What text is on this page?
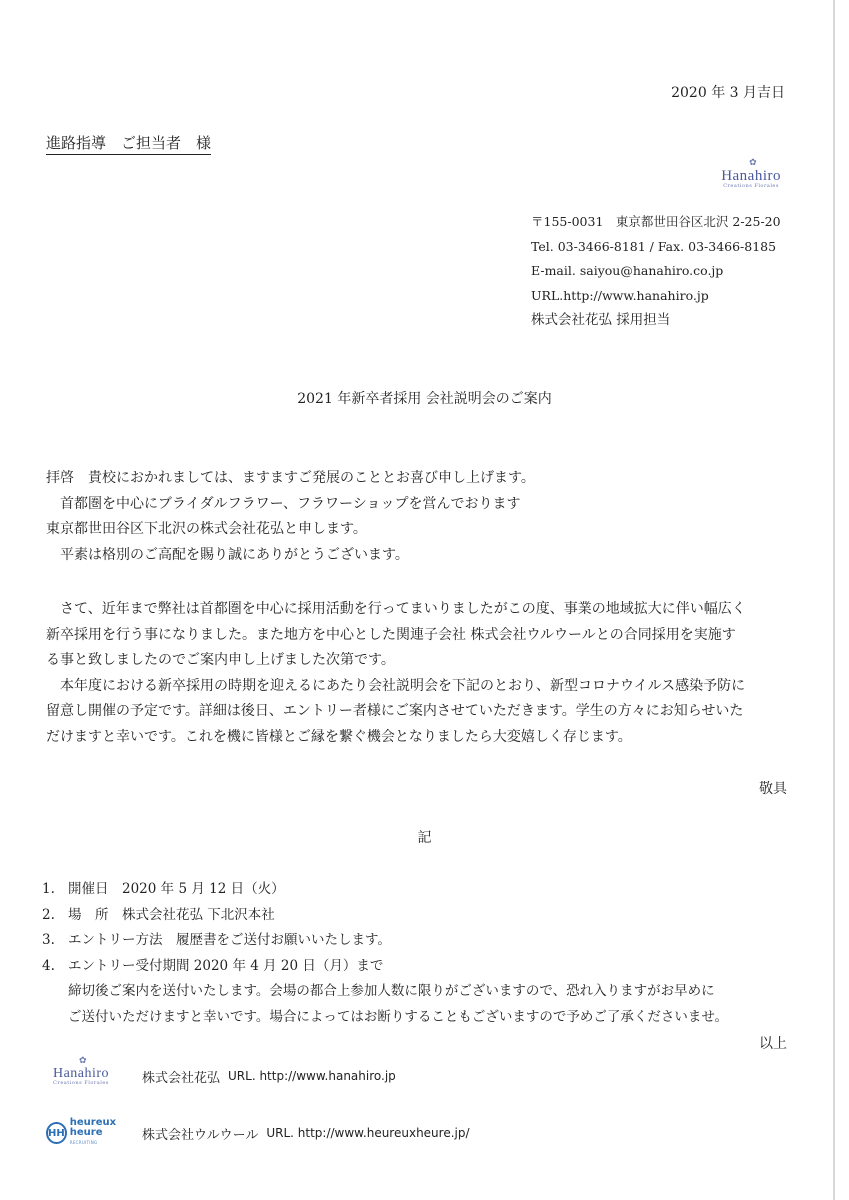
2020 年 3 月吉日
進路指導　ご担当者　様
✿
Hanahiro
Creations Florales
〒155-0031　東京都世田谷区北沢 2-25-20
Tel. 03-3466-8181 / Fax. 03-3466-8185
E-mail. saiyou@hanahiro.co.jp
URL.http://www.hanahiro.jp
株式会社花弘 採用担当
2021 年新卒者採用 会社説明会のご案内
拝啓　貴校におかれましては、ますますご発展のこととお喜び申し上げます。
　首都圏を中心にブライダルフラワー、フラワーショップを営んでおります
東京都世田谷区下北沢の株式会社花弘と申します。
　平素は格別のご高配を賜り誠にありがとうございます。
　さて、近年まで弊社は首都圏を中心に採用活動を行ってまいりましたがこの度、事業の地域拡大に伴い幅広く
新卒採用を行う事になりました。また地方を中心とした関連子会社 株式会社ウルウールとの合同採用を実施す
る事と致しましたのでご案内申し上げました次第です。
　本年度における新卒採用の時期を迎えるにあたり会社説明会を下記のとおり、新型コロナウイルス感染予防に
留意し開催の予定です。詳細は後日、エントリー者様にご案内させていただきます。学生の方々にお知らせいた
だけますと幸いです。これを機に皆様とご縁を繋ぐ機会となりましたら大変嬉しく存じます。
敬具
記
1. 開催日　2020 年 5 月 12 日（火）
2. 場　所　株式会社花弘 下北沢本社
3. エントリー方法　履歴書をご送付お願いいたします。
4. エントリー受付期間 2020 年 4 月 20 日（月）まで
締切後ご案内を送付いたします。会場の都合上参加人数に限りがございますので、恐れ入りますがお早めに
ご送付いただけますと幸いです。場合によってはお断りすることもございますので予めご了承くださいませ。
以上
✿
Hanahiro
Creations Florales	株式会社花弘 URL. http://www.hanahiro.jp
HH
heureux
heure
RECRUITING	株式会社ウルウール URL. http://www.heureuxheure.jp/
